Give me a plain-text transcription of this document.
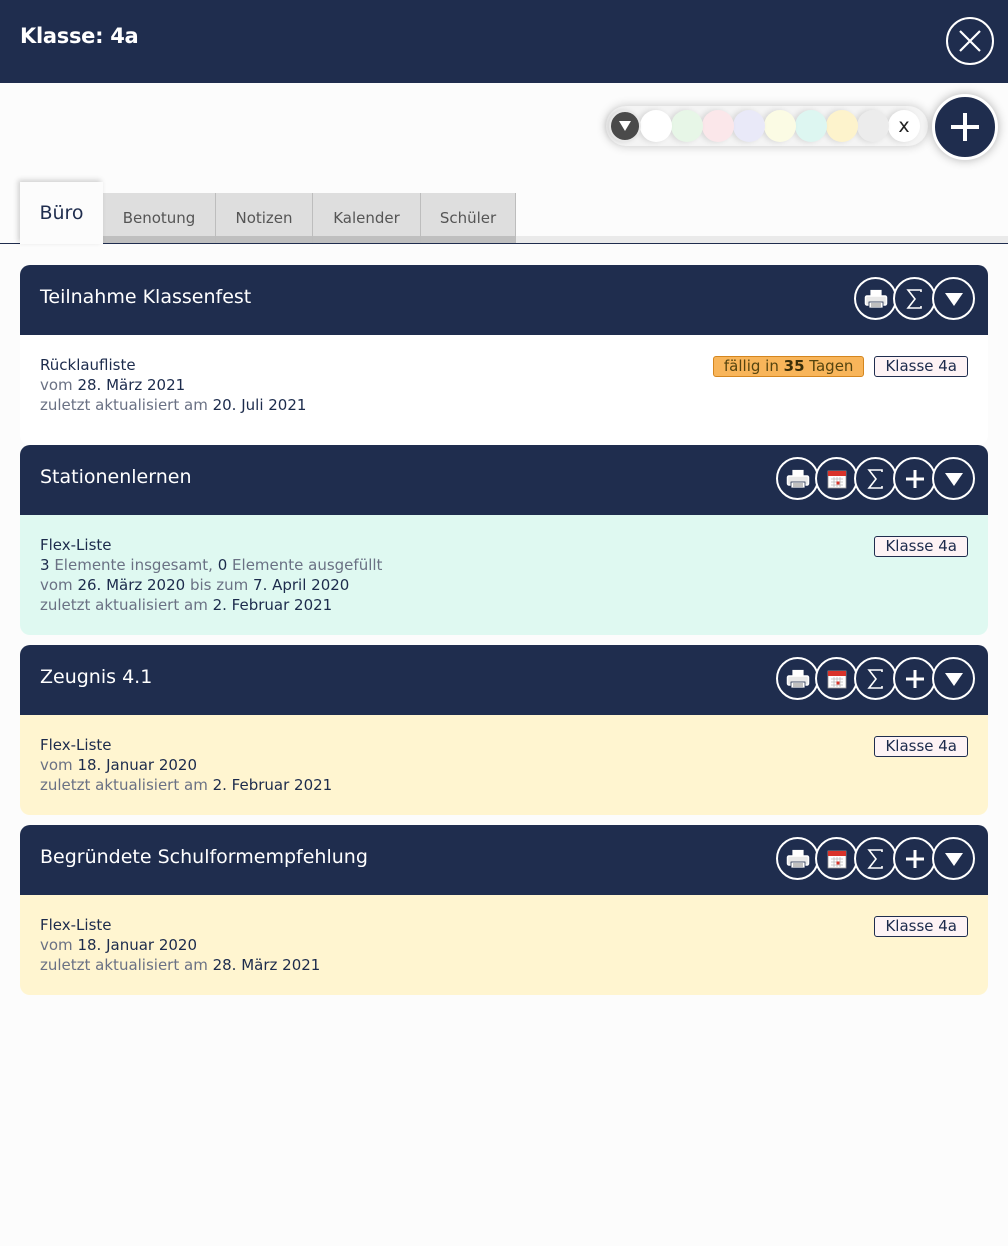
Klasse: 4a
x
Büro	Benotung	Notizen	Kalender	Schüler
Teilnahme Klassenfest
Rücklaufliste
vom 28. März 2021
zuletzt aktualisiert am 20. Juli 2021
fällig in 35 Tagen	Klasse 4a
Stationenlernen
Flex-Liste
3 Elemente insgesamt, 0 Elemente ausgefüllt
vom 26. März 2020 bis zum 7. April 2020
zuletzt aktualisiert am 2. Februar 2021
Klasse 4a
Zeugnis 4.1
Flex-Liste
vom 18. Januar 2020
zuletzt aktualisiert am 2. Februar 2021
Klasse 4a
Begründete Schulformempfehlung
Flex-Liste
vom 18. Januar 2020
zuletzt aktualisiert am 28. März 2021
Klasse 4a
